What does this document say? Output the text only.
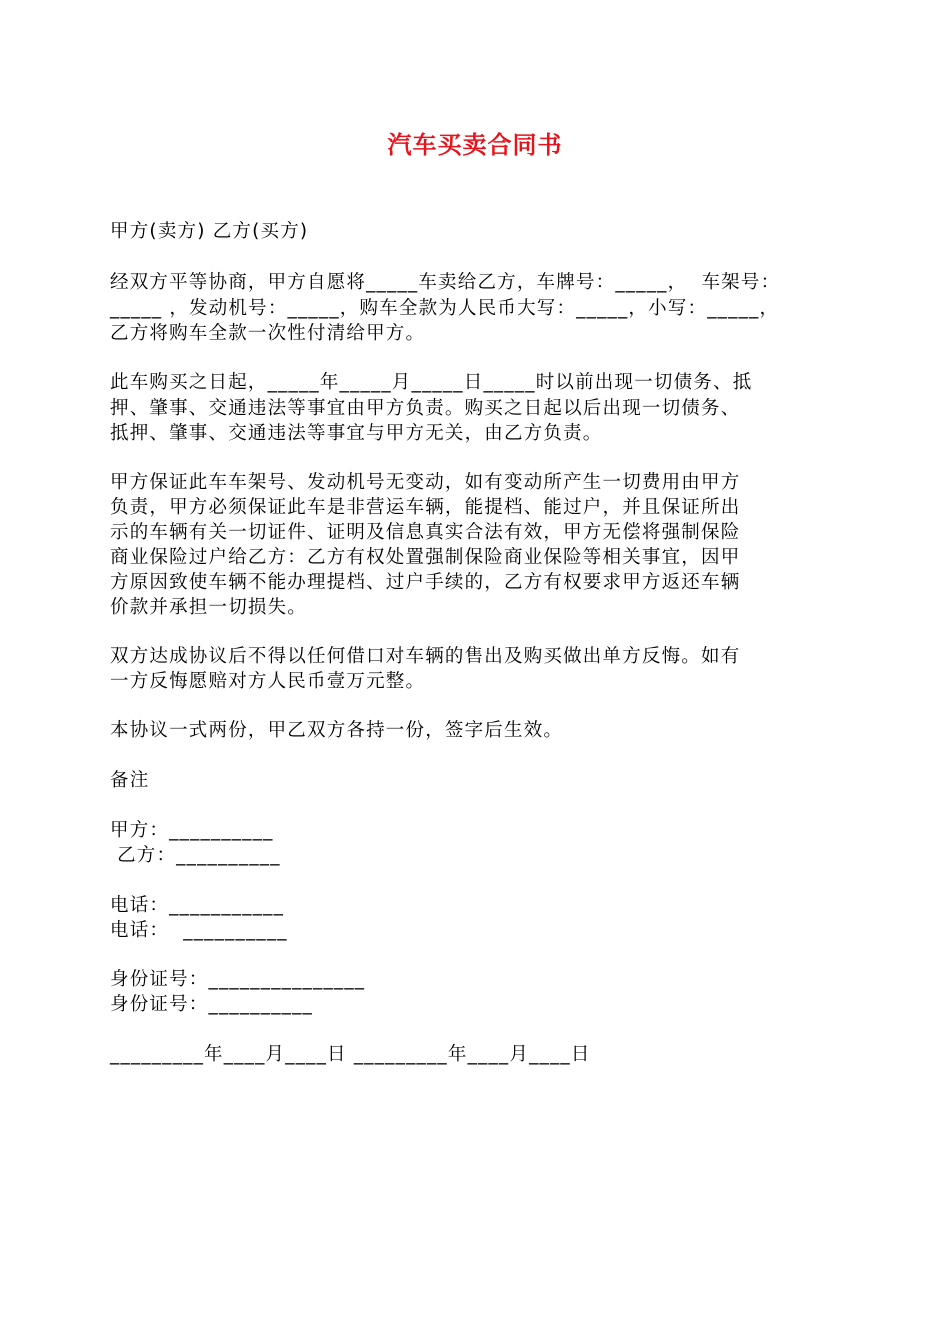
汽车买卖合同书
甲方(卖方) 乙方(买方)
经双方平等协商，甲方自愿将_____车卖给乙方，车牌号：_____，  车架号：
_____ ，发动机号：_____，购车全款为人民币大写：_____，小写：_____，
乙方将购车全款一次性付清给甲方。
此车购买之日起，_____年_____月_____日_____时以前出现一切债务、抵
押、肇事、交通违法等事宜由甲方负责。购买之日起以后出现一切债务、
抵押、肇事、交通违法等事宜与甲方无关，由乙方负责。
甲方保证此车车架号、发动机号无变动，如有变动所产生一切费用由甲方
负责，甲方必须保证此车是非营运车辆，能提档、能过户，并且保证所出
示的车辆有关一切证件、证明及信息真实合法有效，甲方无偿将强制保险
商业保险过户给乙方：乙方有权处置强制保险商业保险等相关事宜，因甲
方原因致使车辆不能办理提档、过户手续的，乙方有权要求甲方返还车辆
价款并承担一切损失。
双方达成协议后不得以任何借口对车辆的售出及购买做出单方反悔。如有
一方反悔愿赔对方人民币壹万元整。
本协议一式两份，甲乙双方各持一份，签字后生效。
备注
甲方：__________
乙方：__________
电话：___________
电话：  __________
身份证号：_______________
身份证号：__________
_________年____月____日 _________年____月____日
